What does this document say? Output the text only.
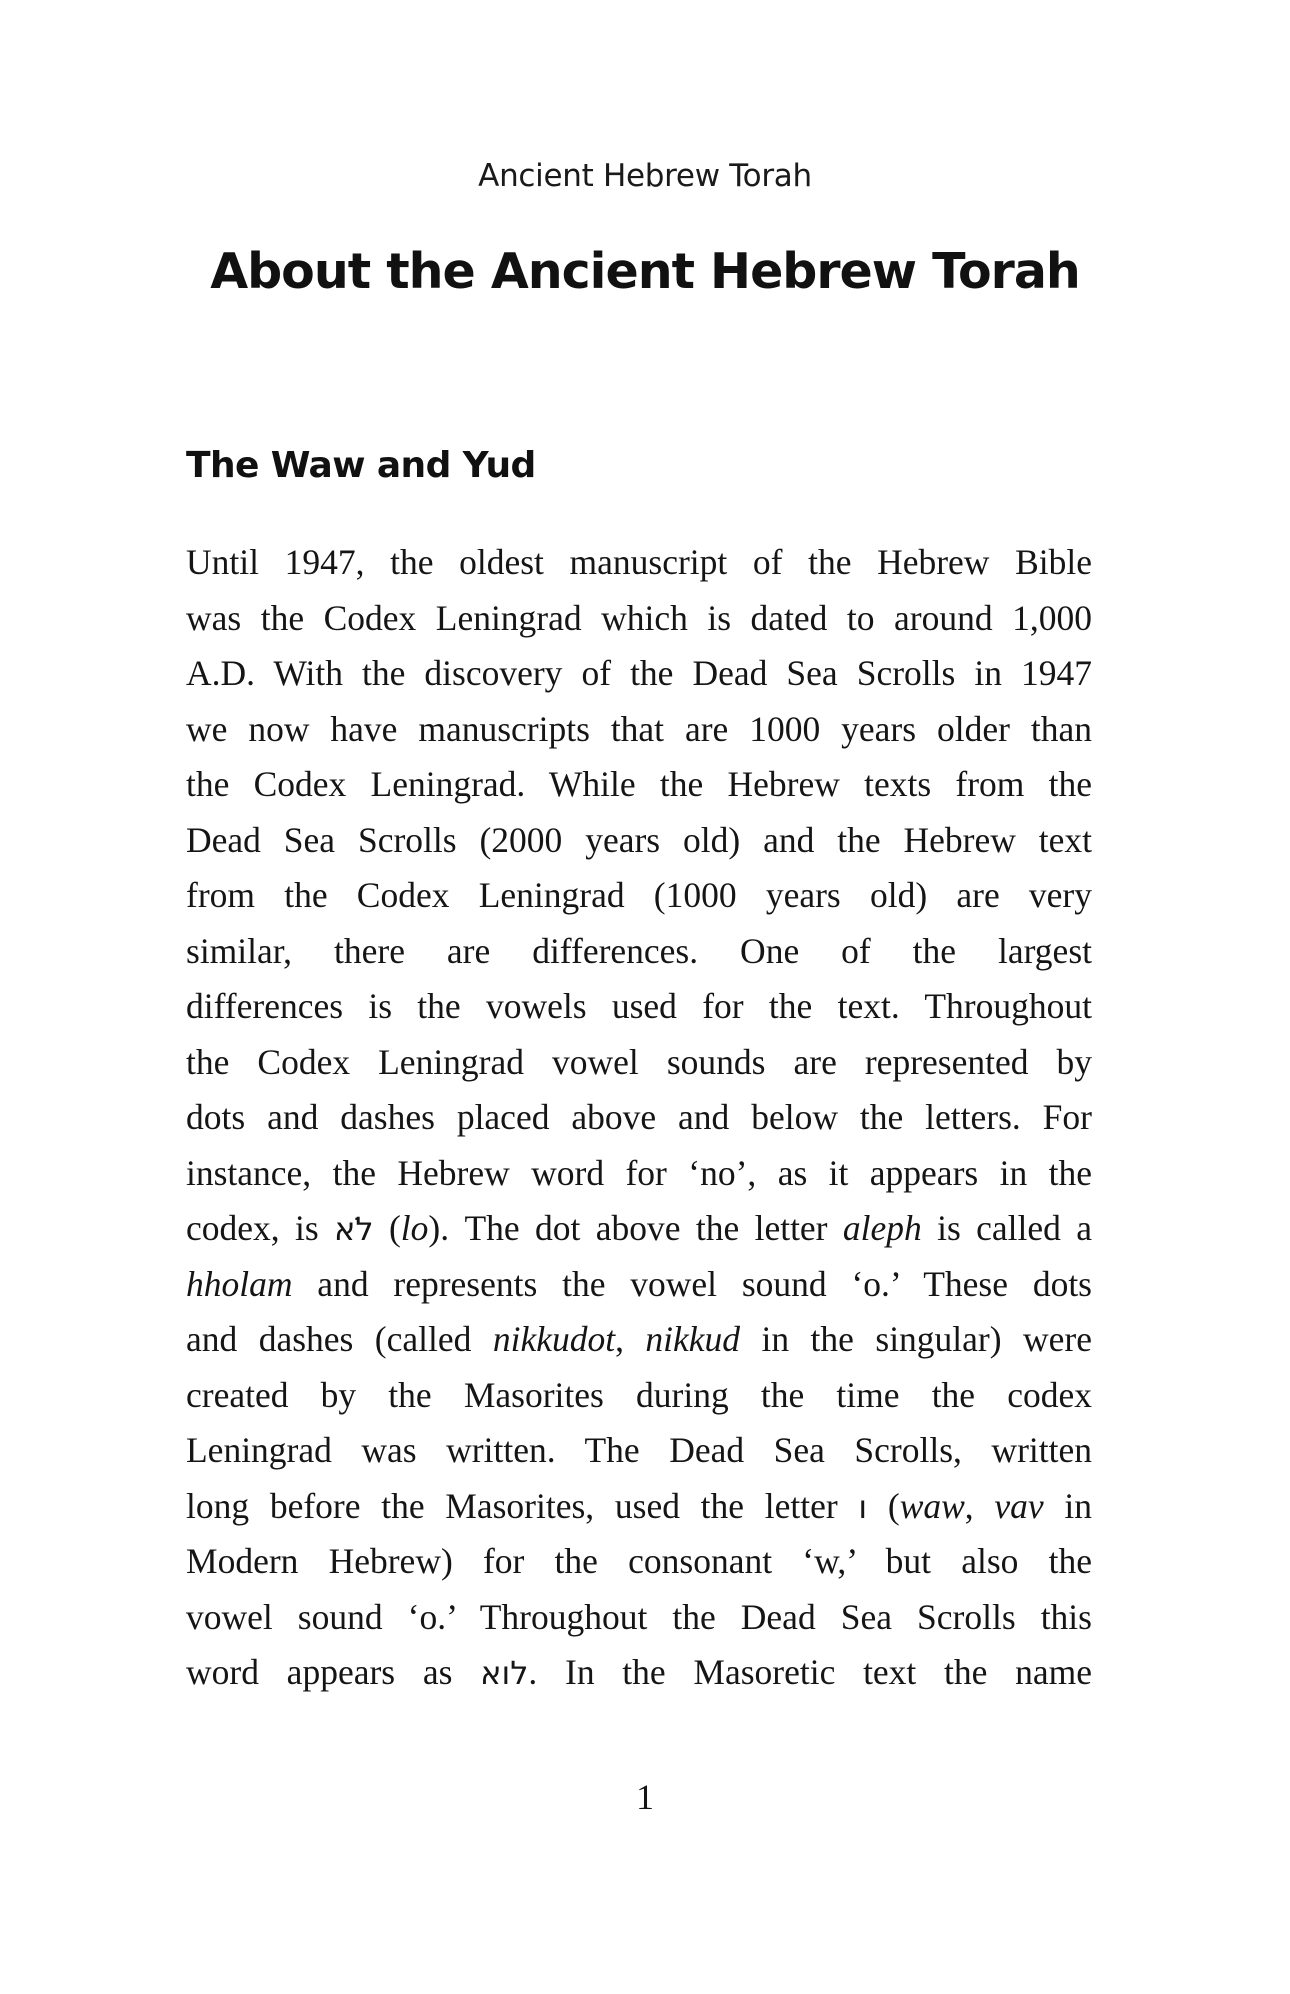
Ancient Hebrew Torah
About the Ancient Hebrew Torah
The Waw and Yud
Until 1947, the oldest manuscript of the Hebrew Bible
was the Codex Leningrad which is dated to around 1,000
A.D. With the discovery of the Dead Sea Scrolls in 1947
we now have manuscripts that are 1000 years older than
the Codex Leningrad. While the Hebrew texts from the
Dead Sea Scrolls (2000 years old) and the Hebrew text
from the Codex Leningrad (1000 years old) are very
similar, there are differences. One of the largest
differences is the vowels used for the text. Throughout
the Codex Leningrad vowel sounds are represented by
dots and dashes placed above and below the letters. For
instance, the Hebrew word for ‘no’, as it appears in the
codex, is לֹא (lo). The dot above the letter aleph is called a
hholam and represents the vowel sound ‘o.’ These dots
and dashes (called nikkudot, nikkud in the singular) were
created by the Masorites during the time the codex
Leningrad was written. The Dead Sea Scrolls, written
long before the Masorites, used the letter ו (waw, vav in
Modern Hebrew) for the consonant ‘w,’ but also the
vowel sound ‘o.’ Throughout the Dead Sea Scrolls this
word appears as לוא. In the Masoretic text the name
1
